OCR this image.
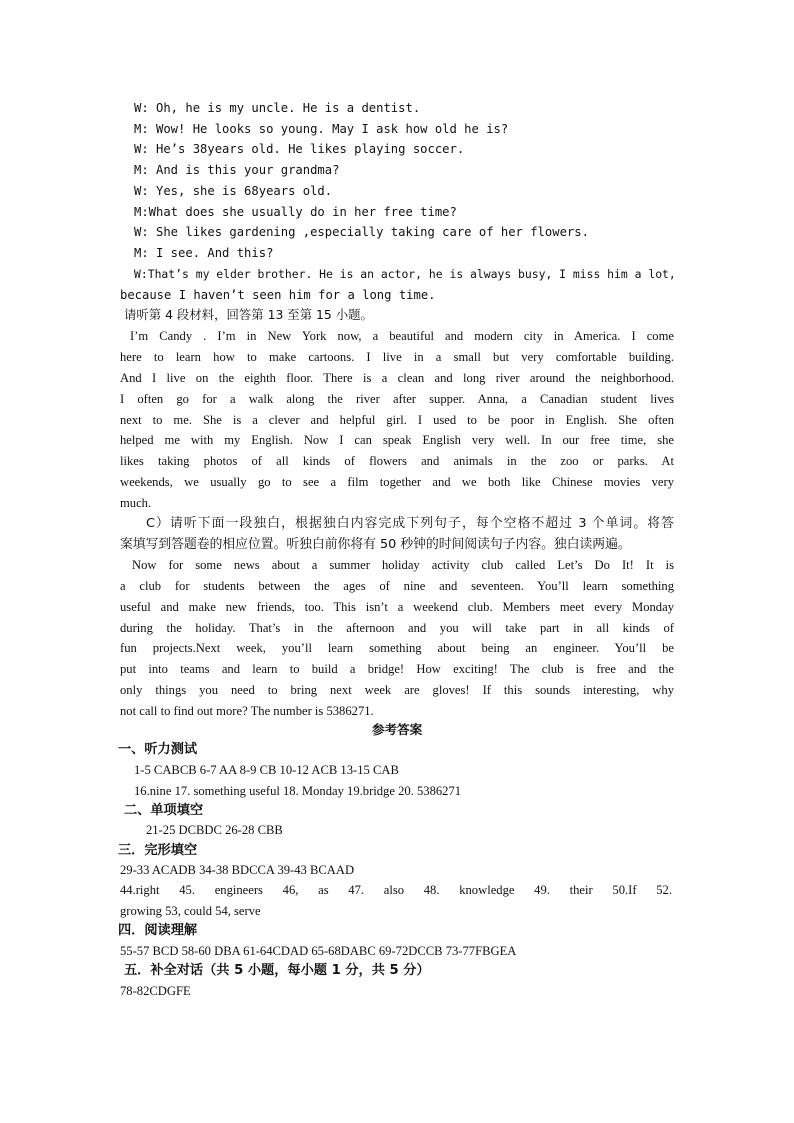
W: Oh, he is my uncle. He is a dentist.
M: Wow! He looks so young. May I ask how old he is?
W: He’s 38years old. He likes playing soccer.
M: And is this your grandma?
W: Yes, she is 68years old.
M:What does she usually do in her free time?
W: She likes gardening ,especially taking care of her flowers.
M: I see. And this?
W:That’s my elder brother. He is an actor, he is always busy, I miss him a lot,
because I haven’t seen him for a long time.
请听第 4 段材料，回答第 13 至第 15 小题。
I’m Candy . I’m in New York now, a beautiful and modern city in America. I come
here to learn how to make cartoons. I live in a small but very comfortable building.
And I live on the eighth floor. There is a clean and long river around the neighborhood.
I often go for a walk along the river after supper. Anna, a Canadian student lives
next to me. She is a clever and helpful girl. I used to be poor in English. She often
helped me with my English. Now I can speak English very well. In our free time, she
likes taking photos of all kinds of flowers and animals in the zoo or parks. At
weekends, we usually go to see a film together and we both like Chinese movies very
much.
C）请听下面一段独白，根据独白内容完成下列句子，每个空格不超过 3 个单词。将答
案填写到答题卷的相应位置。听独白前你将有 50 秒钟的时间阅读句子内容。独白读两遍。
Now for some news about a summer holiday activity club called Let’s Do It! It is
a club for students between the ages of nine and seventeen. You’ll learn something
useful and make new friends, too. This isn’t a weekend club. Members meet every Monday
during the holiday. That’s in the afternoon and you will take part in all kinds of
fun projects.Next week, you’ll learn something about being an engineer. You’ll be
put into teams and learn to build a bridge! How exciting! The club is free and the
only things you need to bring next week are gloves! If this sounds interesting, why
not call to find out more? The number is 5386271.
参考答案
一、听力测试
1-5 CABCB 6-7 AA 8-9 CB 10-12 ACB 13-15 CAB
16.nine 17. something useful 18. Monday 19.bridge 20. 5386271
二、单项填空
21-25 DCBDC 26-28 CBB
三．完形填空
29-33 ACADB 34-38 BDCCA 39-43 BCAAD
44.right 45. engineers 46, as 47. also 48. knowledge 49. their 50.If 52.
growing 53, could 54, serve
四．阅读理解
55-57 BCD 58-60 DBA 61-64CDAD 65-68DABC 69-72DCCB 73-77FBGEA
五．补全对话（共 5 小题，每小题 1 分，共 5 分）
78-82CDGFE
